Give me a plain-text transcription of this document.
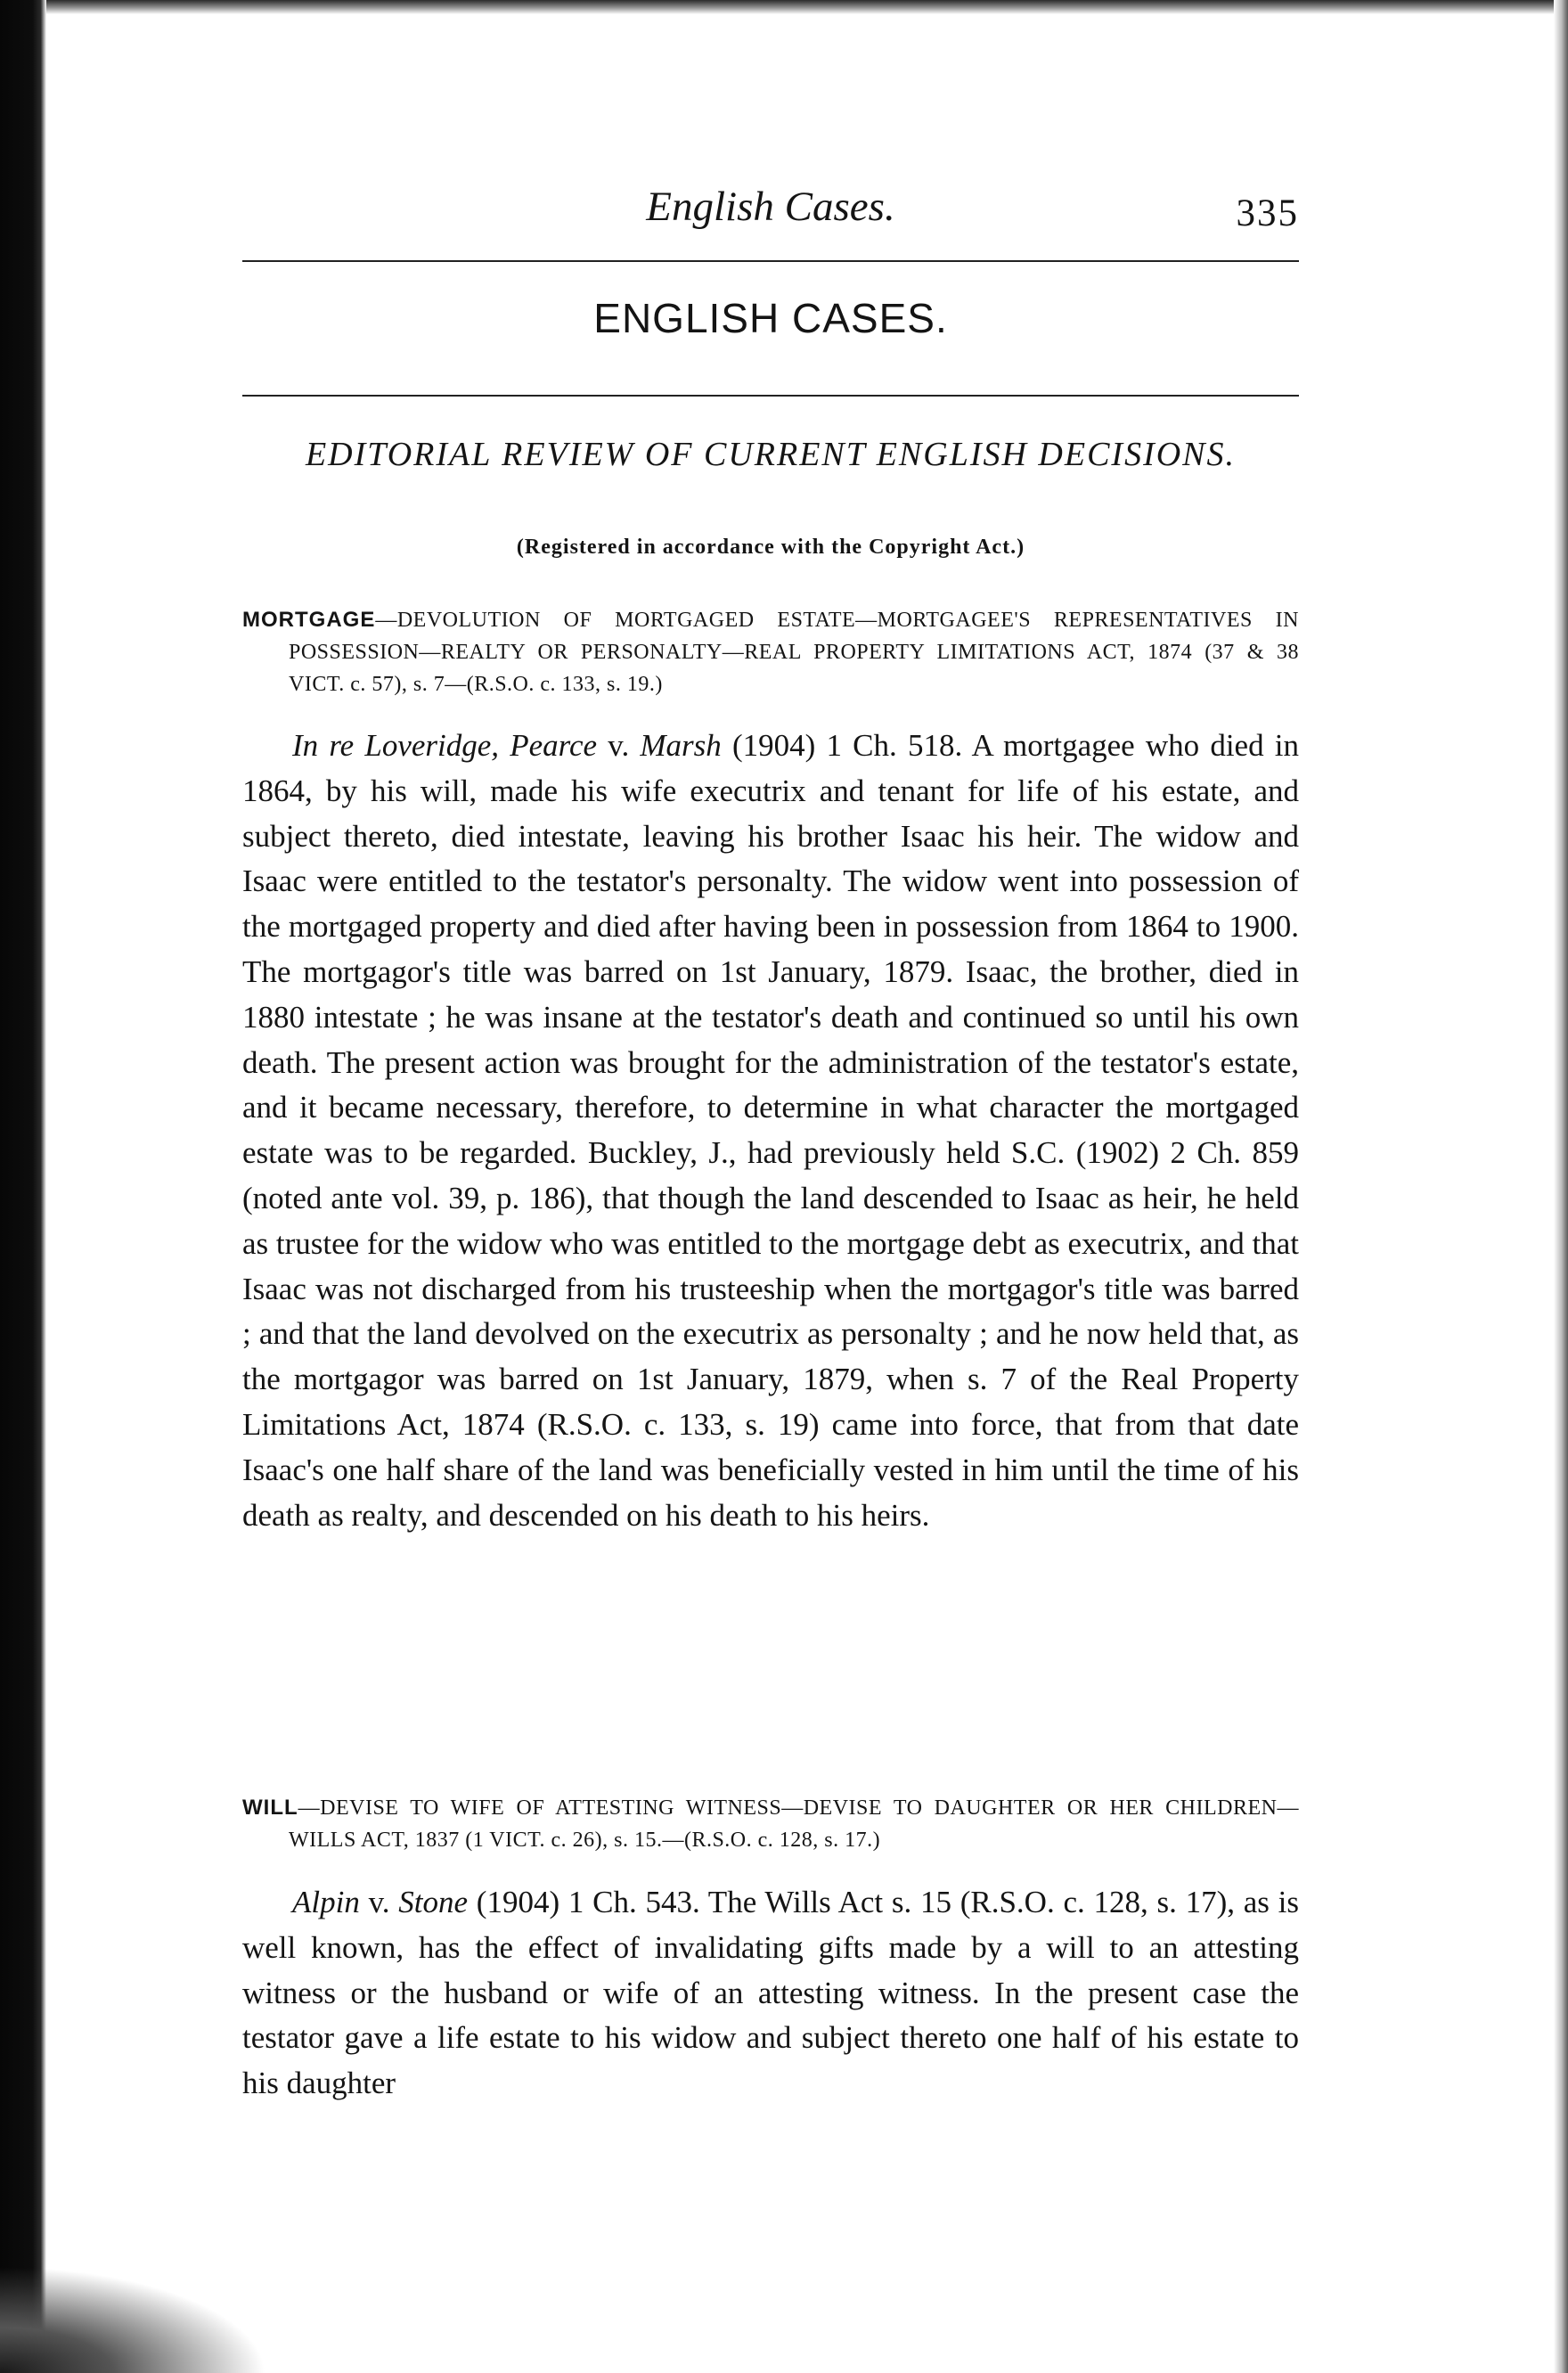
English Cases.	335
ENGLISH CASES.
EDITORIAL REVIEW OF CURRENT ENGLISH DECISIONS.
(Registered in accordance with the Copyright Act.)
MORTGAGE—DEVOLUTION OF MORTGAGED ESTATE—MORTGAGEE'S REPRESENTATIVES IN POSSESSION—REALTY OR PERSONALTY—REAL PROPERTY LIMITATIONS ACT, 1874 (37 & 38 VICT. c. 57), s. 7—(R.S.O. c. 133, s. 19.)

In re Loveridge, Pearce v. Marsh (1904) 1 Ch. 518. A mortgagee who died in 1864, by his will, made his wife executrix and tenant for life of his estate, and subject thereto, died intestate, leaving his brother Isaac his heir. The widow and Isaac were entitled to the testator's personalty. The widow went into possession of the mortgaged property and died after having been in possession from 1864 to 1900. The mortgagor's title was barred on 1st January, 1879. Isaac, the brother, died in 1880 intestate ; he was insane at the testator's death and continued so until his own death. The present action was brought for the administration of the testator's estate, and it became necessary, therefore, to determine in what character the mortgaged estate was to be regarded. Buckley, J., had previously held S.C. (1902) 2 Ch. 859 (noted ante vol. 39, p. 186), that though the land descended to Isaac as heir, he held as trustee for the widow who was entitled to the mortgage debt as executrix, and that Isaac was not discharged from his trusteeship when the mortgagor's title was barred ; and that the land devolved on the executrix as personalty ; and he now held that, as the mortgagor was barred on 1st January, 1879, when s. 7 of the Real Property Limitations Act, 1874 (R.S.O. c. 133, s. 19) came into force, that from that date Isaac's one half share of the land was beneficially vested in him until the time of his death as realty, and descended on his death to his heirs.

WILL—DEVISE TO WIFE OF ATTESTING WITNESS—DEVISE TO DAUGHTER OR HER CHILDREN—WILLS ACT, 1837 (1 VICT. c. 26), s. 15.—(R.S.O. c. 128, s. 17.)

Alpin v. Stone (1904) 1 Ch. 543. The Wills Act s. 15 (R.S.O. c. 128, s. 17), as is well known, has the effect of invalidating gifts made by a will to an attesting witness or the husband or wife of an attesting witness. In the present case the testator gave a life estate to his widow and subject thereto one half of his estate to his daughter
